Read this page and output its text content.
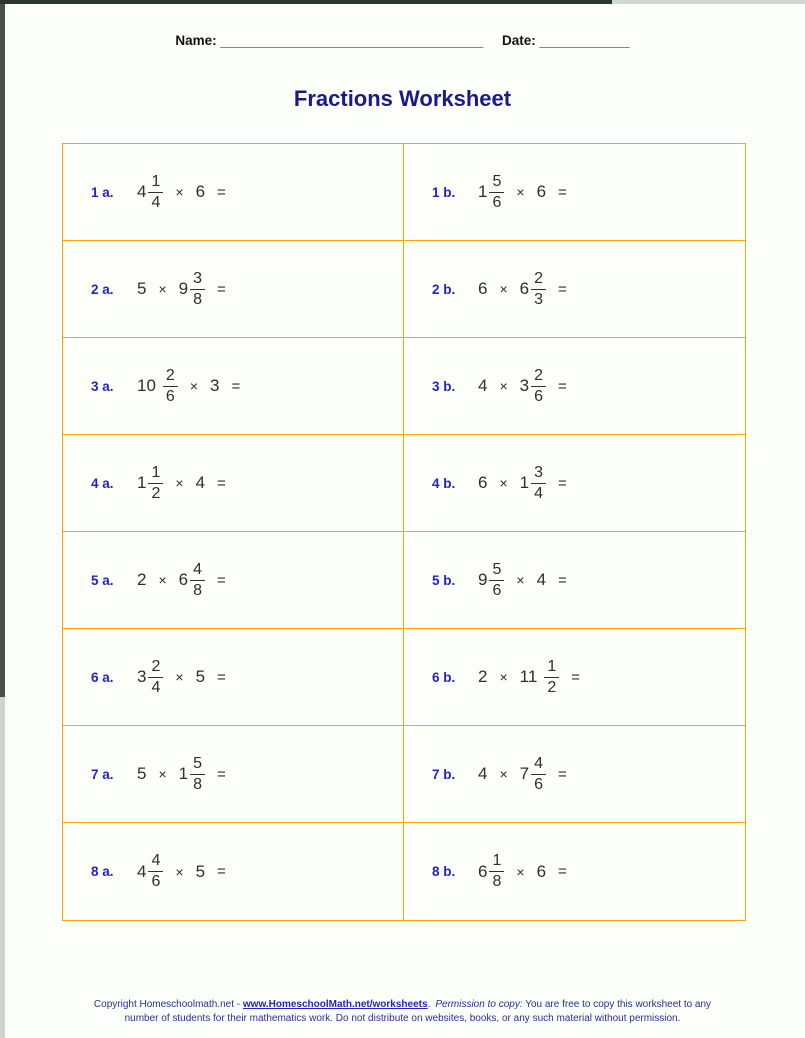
Name: ___________________________________ Date: ____________
Fractions Worksheet
1 a. $4 \frac{1}{4} \times 6$ =	1 b. $1 \frac{5}{6} \times 6$ =
2 a. $5 \times 9 \frac{3}{8}$ =	2 b. $6 \times 6 \frac{2}{3}$ =
3 a. $10 \frac{2}{6} \times 3$ =	3 b. $4 \times 3 \frac{2}{6}$ =
4 a. $1 \frac{1}{2} \times 4$ =	4 b. $6 \times 1 \frac{3}{4}$ =
5 a. $2 \times 6 \frac{4}{8}$ =	5 b. $9 \frac{5}{6} \times 4$ =
6 a. $3 \frac{2}{4} \times 5$ =	6 b. $2 \times 11 \frac{1}{2}$ =
7 a. $5 \times 1 \frac{5}{8}$ =	7 b. $4 \times 7 \frac{4}{6}$ =
8 a. $4 \frac{4}{6} \times 5$ =	8 b. $6 \frac{1}{8} \times 6$ =
Copyright Homeschoolmath.net - www.HomeschoolMath.net/worksheets. Permission to copy: You are free to copy this worksheet to any
number of students for their mathematics work. Do not distribute on websites, books, or any such material without permission.
